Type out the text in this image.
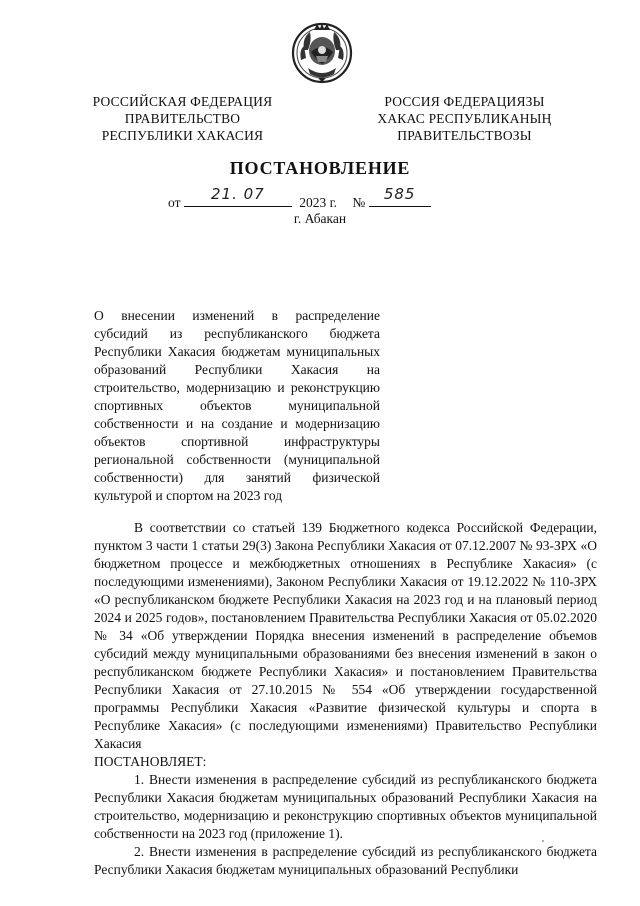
РОССИЙСКАЯ ФЕДЕРАЦИЯ
ПРАВИТЕЛЬСТВО
РЕСПУБЛИКИ ХАКАСИЯ
РОССИЯ ФЕДЕРАЦИЯЗЫ
ХАКАС РЕСПУБЛИКАНЫҢ
ПРАВИТЕЛЬСТВОЗЫ
ПОСТАНОВЛЕНИЕ
от	21. 07	2023 г. №	585
г. Абакан
О внесении изменений в распределение субсидий из республиканского бюджета Республики Хакасия бюджетам муниципальных образований Республики Хакасия на строительство, модернизацию и реконструкцию спортивных объектов муниципальной собственности и на создание и модернизацию объектов спортивной инфраструктуры региональной собственности (муниципальной собственности) для занятий физической культурой и спортом на 2023 год

В соответствии со статьей 139 Бюджетного кодекса Российской Федерации, пунктом 3 части 1 статьи 29(3) Закона Республики Хакасия от 07.12.2007 № 93-ЗРХ «О бюджетном процессе и межбюджетных отношениях в Республике Хакасия» (с последующими изменениями), Законом Республики Хакасия от 19.12.2022 № 110-ЗРХ «О республиканском бюджете Республики Хакасия на 2023 год и на плановый период 2024 и 2025 годов», постановлением Правительства Республики Хакасия от 05.02.2020 № 34 «Об утверждении Порядка внесения изменений в распределение объемов субсидий между муниципальными образованиями без внесения изменений в закон о республиканском бюджете Республики Хакасия» и постановлением Правительства Республики Хакасия от 27.10.2015 № 554 «Об утверждении государственной программы Республики Хакасия «Развитие физической культуры и спорта в Республике Хакасия» (с последующими изменениями) Правительство Республики Хакасия

ПОСТАНОВЛЯЕТ:

1. Внести изменения в распределение субсидий из республиканского бюджета Республики Хакасия бюджетам муниципальных образований Республики Хакасия на строительство, модернизацию и реконструкцию спортивных объектов муниципальной собственности на 2023 год (приложение 1).

2. Внести изменения в распределение субсидий из республиканского бюджета Республики Хакасия бюджетам муниципальных образований Республики
